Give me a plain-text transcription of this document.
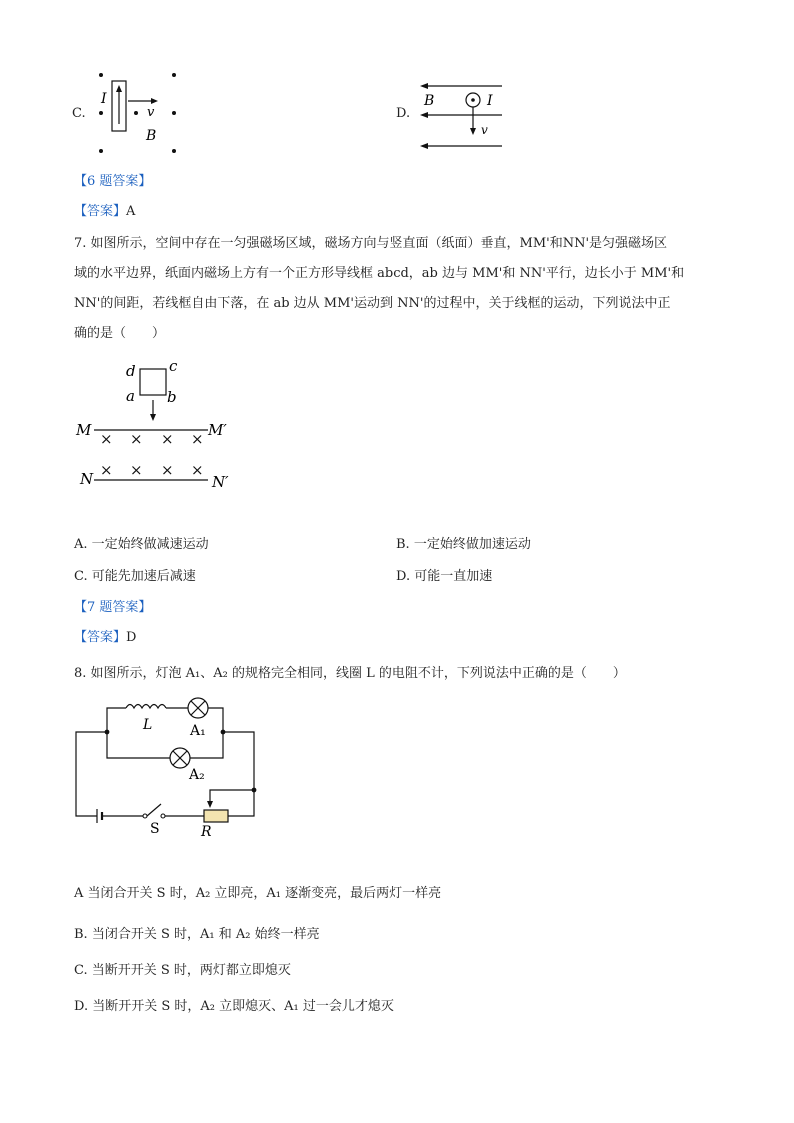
C.
I
v
B
D.
B	I
v
【6 题答案】
【答案】A
7. 如图所示，空间中存在一匀强磁场区域，磁场方向与竖直面（纸面）垂直，MM'和NN'是匀强磁场区
域的水平边界，纸面内磁场上方有一个正方形导线框 abcd，ab 边与 MM'和 NN'平行，边长小于 MM'和
NN'的间距，若线框自由下落，在 ab 边从 MM'运动到 NN'的过程中，关于线框的运动，下列说法中正
确的是（　　）
× × × ×
× × × ×
d c
a b
M	M′
N	N′
A. 一定始终做减速运动	B. 一定始终做加速运动
C. 可能先加速后减速	D. 可能一直加速
【7 题答案】
【答案】D
8. 如图所示，灯泡 A₁、A₂ 的规格完全相同，线圈 L 的电阻不计，下列说法中正确的是（　　）
L	A₁
A₂
S	R
A 当闭合开关 S 时，A₂ 立即亮，A₁ 逐渐变亮，最后两灯一样亮
B. 当闭合开关 S 时，A₁ 和 A₂ 始终一样亮
C. 当断开开关 S 时，两灯都立即熄灭
D. 当断开开关 S 时，A₂ 立即熄灭、A₁ 过一会儿才熄灭
